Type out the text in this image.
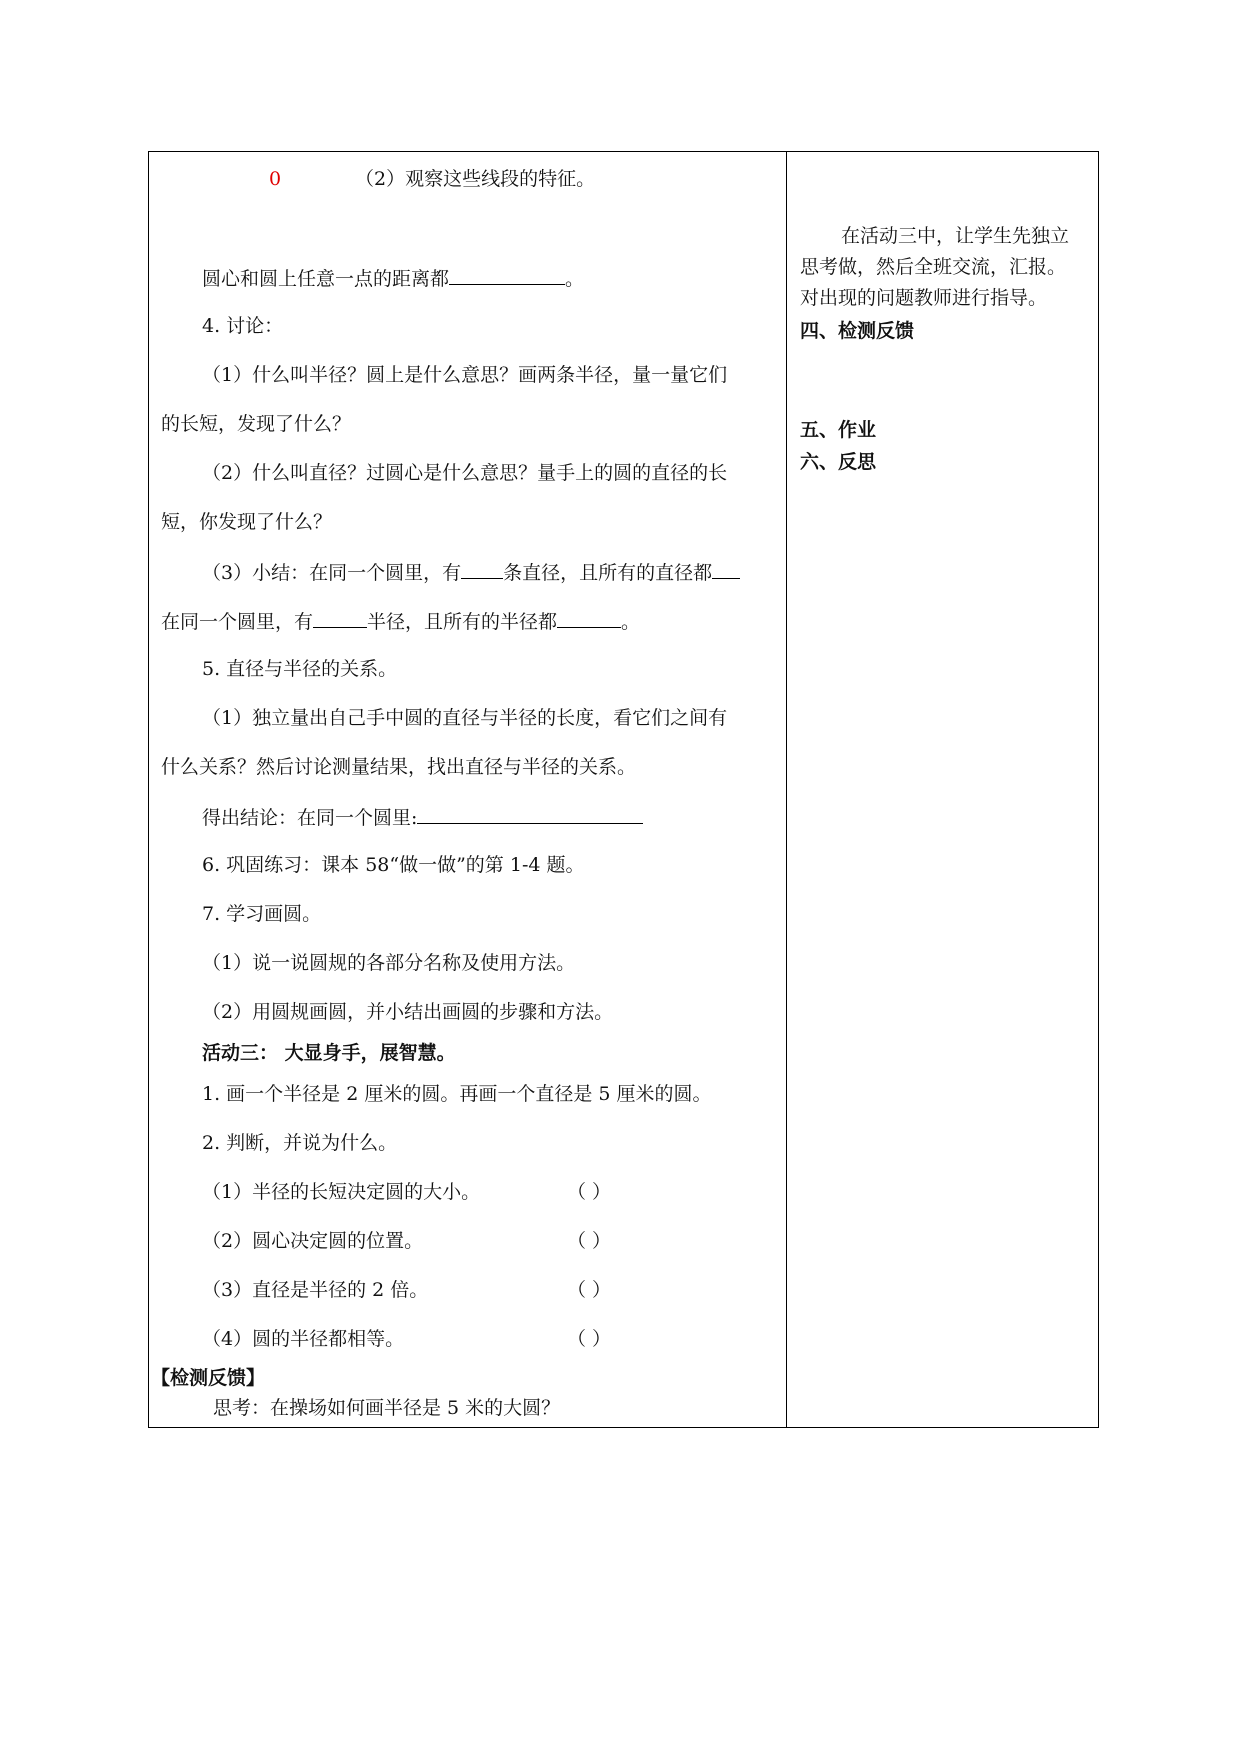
0	（2）观察这些线段的特征。
圆心和圆上任意一点的距离都	。
4. 讨论：
（1）什么叫半径？圆上是什么意思？画两条半径，量一量它们
的长短，发现了什么？
（2）什么叫直径？过圆心是什么意思？量手上的圆的直径的长
短，你发现了什么？
（3）小结：在同一个圆里，有 条直径，且所有的直径都
在同一个圆里，有	半径，且所有的半径都	。
5. 直径与半径的关系。
（1）独立量出自己手中圆的直径与半径的长度，看它们之间有
什么关系？然后讨论测量结果，找出直径与半径的关系。
得出结论：在同一个圆里:
6. 巩固练习：课本 58“做一做”的第 1-4 题。
7. 学习画圆。
（1）说一说圆规的各部分名称及使用方法。
（2）用圆规画圆，并小结出画圆的步骤和方法。
活动三： 大显身手，展智慧。
1. 画一个半径是 2 厘米的圆。再画一个直径是 5 厘米的圆。
2. 判断，并说为什么。
（1）半径的长短决定圆的大小。	（ ）
（2）圆心决定圆的位置。	（ ）
（3）直径是半径的 2 倍。	（ ）
（4）圆的半径都相等。	（ ）
【检测反馈】
思考：在操场如何画半径是 5 米的大圆？
在活动三中，让学生先独立
思考做，然后全班交流，汇报。
对出现的问题教师进行指导。
四、检测反馈
五、作业
六、反思
